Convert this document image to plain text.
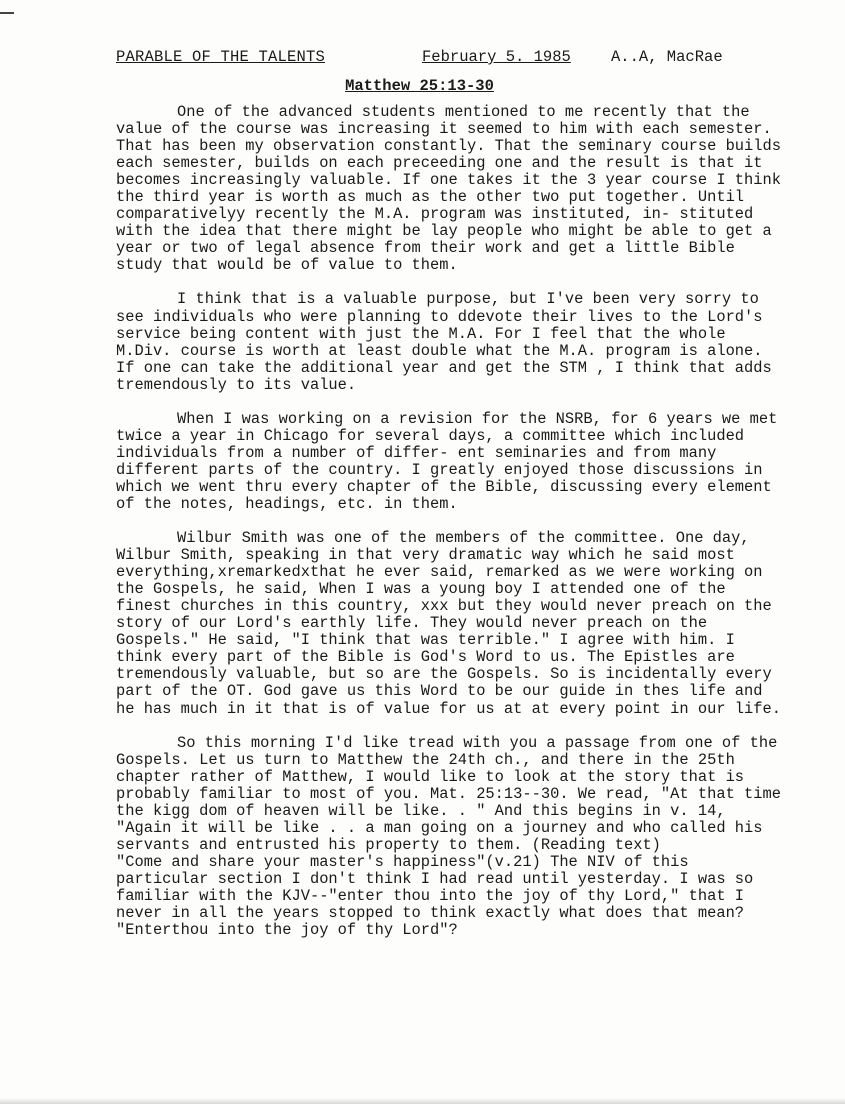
PARABLE OF THE TALENTS	February 5. 1985	A..A, MacRae
Matthew 25:13-30

One of the advanced students mentioned to me recently that the value of the course was increasing it seemed to him with each semester. That has been my observation constantly. That the seminary course builds each semester, builds on each preceeding one and the result is that it becomes increasingly valuable. If one takes it the 3 year course I think the third year is worth as much as the other two put together. Until comparativelyy recently the M.A. program was instituted, in- stituted with the idea that there might be lay people who might be able to get a year or two of legal absence from their work and get a little Bible study that would be of value to them.

I think that is a valuable purpose, but I've been very sorry to see individuals who were planning to ddevote their lives to the Lord's service being content with just the M.A. For I feel that the whole M.Div. course is worth at least double what the M.A. program is alone. If one can take the additional year and get the STM , I think that adds tremendously to its value.

When I was working on a revision for the NSRB, for 6 years we met twice a year in Chicago for several days, a committee which included individuals from a number of differ- ent seminaries and from many different parts of the country. I greatly enjoyed those discussions in which we went thru every chapter of the Bible, discussing every element of the notes, headings, etc. in them.

Wilbur Smith was one of the members of the committee. One day, Wilbur Smith, speaking in that very dramatic way which he said most everything,xremarkedxthat he ever said, remarked as we were working on the Gospels, he said, When I was a young boy I attended one of the finest churches in this country, xxx but they would never preach on the story of our Lord's earthly life. They would never preach on the Gospels." He said, "I think that was terrible." I agree with him. I think every part of the Bible is God's Word to us. The Epistles are tremendously valuable, but so are the Gospels. So is incidentally every part of the OT. God gave us this Word to be our guide in thes life and he has much in it that is of value for us at at every point in our life.

So this morning I'd like tread with you a passage from one of the Gospels. Let us turn to Matthew the 24th ch., and there in the 25th chapter rather of Matthew, I would like to look at the story that is probably familiar to most of you. Mat. 25:13--30. We read, "At that time the kigg dom of heaven will be like. . " And this begins in v. 14, "Again it will be like . . a man going on a journey and who called his servants and entrusted his property to them. (Reading text)

"Come and share your master's happiness"(v.21) The NIV of this particular section I don't think I had read until yesterday. I was so familiar with the KJV--"enter thou into the joy of thy Lord," that I never in all the years stopped to think exactly what does that mean? "Enterthou into the joy of thy Lord"?
